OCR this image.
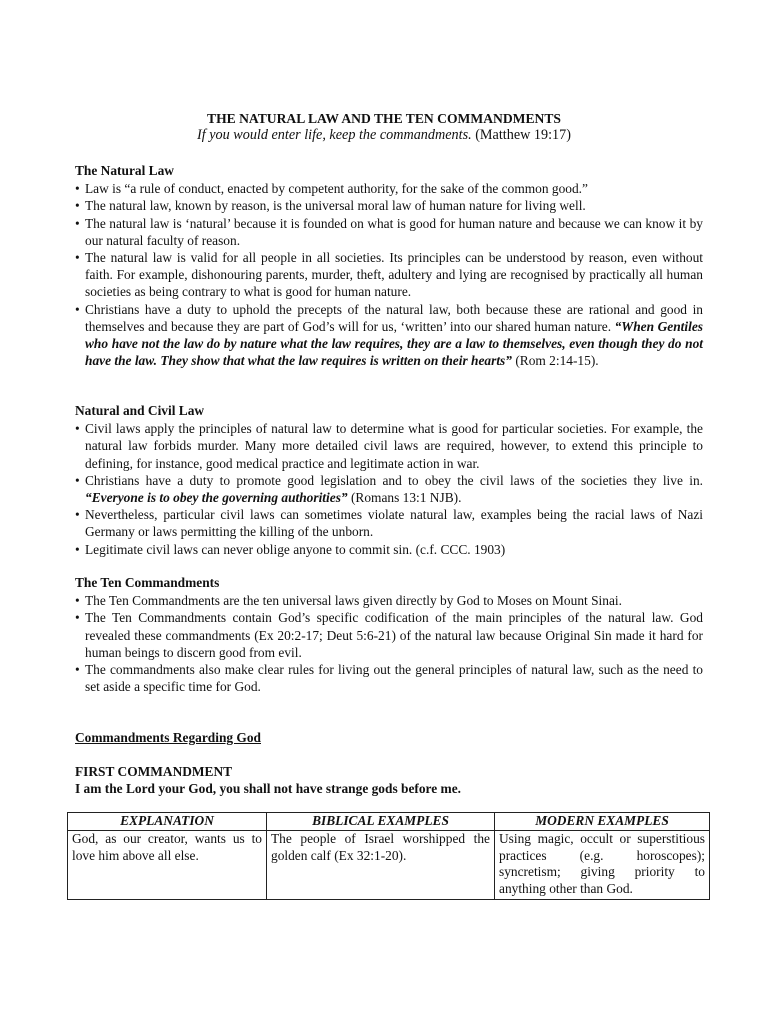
THE NATURAL LAW AND THE TEN COMMANDMENTS
If you would enter life, keep the commandments. (Matthew 19:17)
The Natural Law
• Law is “a rule of conduct, enacted by competent authority, for the sake of the common good.”
• The natural law, known by reason, is the universal moral law of human nature for living well.
• The natural law is ‘natural’ because it is founded on what is good for human nature and because we can know it by our natural faculty of reason.
• The natural law is valid for all people in all societies. Its principles can be understood by reason, even without faith. For example, dishonouring parents, murder, theft, adultery and lying are recognised by practically all human societies as being contrary to what is good for human nature.
• Christians have a duty to uphold the precepts of the natural law, both because these are rational and good in themselves and because they are part of God’s will for us, ‘written’ into our shared human nature. “When Gentiles who have not the law do by nature what the law requires, they are a law to themselves, even though they do not have the law. They show that what the law requires is written on their hearts” (Rom 2:14-15).
Natural and Civil Law
• Civil laws apply the principles of natural law to determine what is good for particular societies. For example, the natural law forbids murder. Many more detailed civil laws are required, however, to extend this principle to defining, for instance, good medical practice and legitimate action in war.
• Christians have a duty to promote good legislation and to obey the civil laws of the societies they live in. “Everyone is to obey the governing authorities” (Romans 13:1 NJB).
• Nevertheless, particular civil laws can sometimes violate natural law, examples being the racial laws of Nazi Germany or laws permitting the killing of the unborn.
• Legitimate civil laws can never oblige anyone to commit sin. (c.f. CCC. 1903)
The Ten Commandments
• The Ten Commandments are the ten universal laws given directly by God to Moses on Mount Sinai.
• The Ten Commandments contain God’s specific codification of the main principles of the natural law. God revealed these commandments (Ex 20:2-17; Deut 5:6-21) of the natural law because Original Sin made it hard for human beings to discern good from evil.
• The commandments also make clear rules for living out the general principles of natural law, such as the need to set aside a specific time for God.
Commandments Regarding God
FIRST COMMANDMENT
I am the Lord your God, you shall not have strange gods before me.
EXPLANATION	BIBLICAL EXAMPLES	MODERN EXAMPLES
God, as our creator, wants us to love him above all else.	The people of Israel worshipped the golden calf (Ex 32:1-20).	Using magic, occult or superstitious practices (e.g. horoscopes); syncretism; giving priority to anything other than God.
